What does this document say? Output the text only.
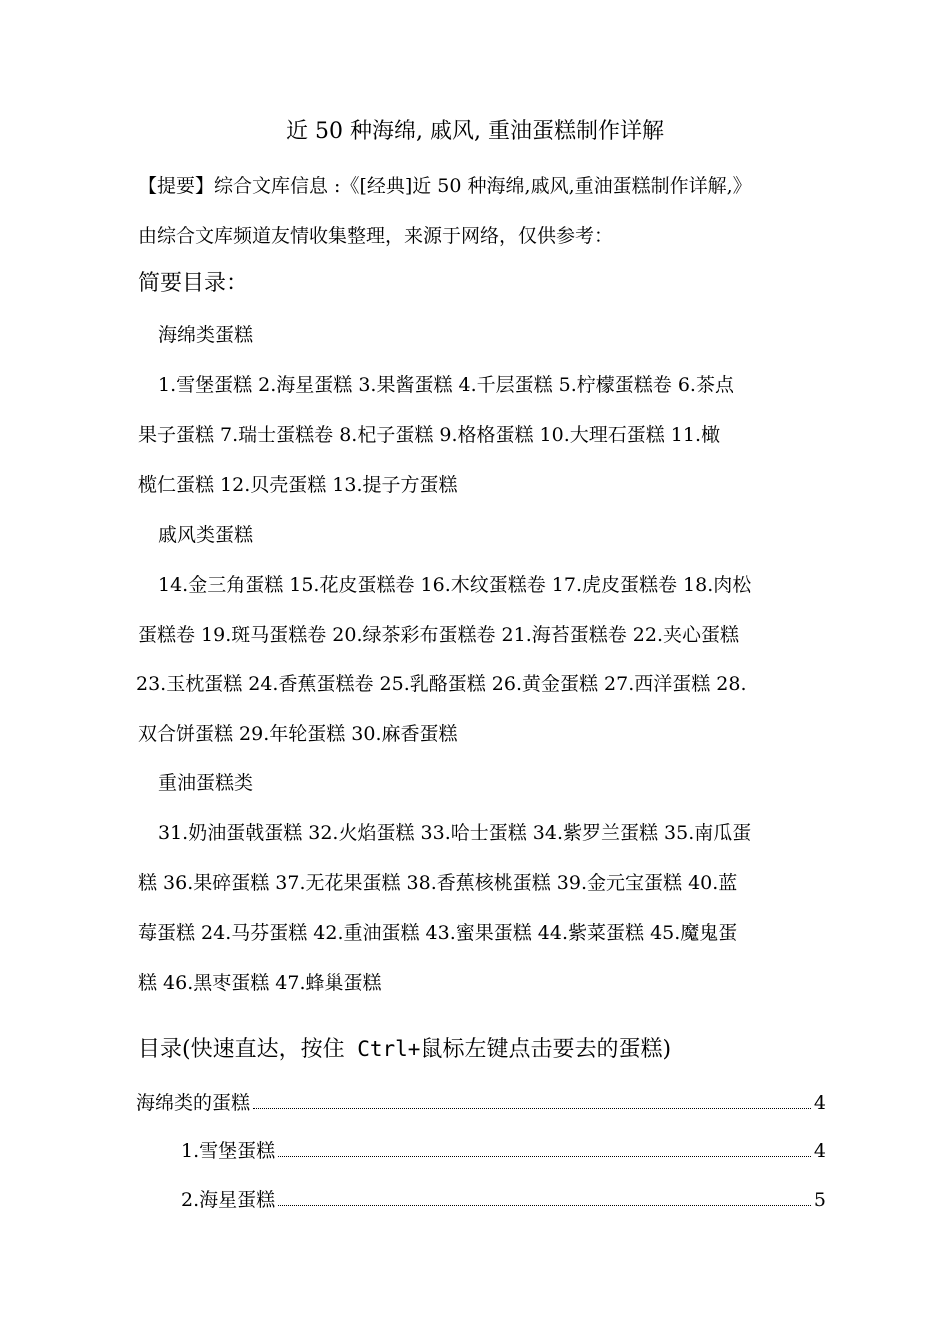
近 50 种海绵, 戚风, 重油蛋糕制作详解
【提要】综合文库信息 :《[经典]近 50 种海绵,戚风,重油蛋糕制作详解,》
由综合文库频道友情收集整理，来源于网络，仅供参考：
简要目录：
海绵类蛋糕
1.雪堡蛋糕 2.海星蛋糕 3.果酱蛋糕 4.千层蛋糕 5.柠檬蛋糕卷 6.茶点
果子蛋糕 7.瑞士蛋糕卷 8.杞子蛋糕 9.格格蛋糕 10.大理石蛋糕 11.橄
榄仁蛋糕 12.贝壳蛋糕 13.提子方蛋糕
戚风类蛋糕
14.金三角蛋糕 15.花皮蛋糕卷 16.木纹蛋糕卷 17.虎皮蛋糕卷 18.肉松
蛋糕卷 19.斑马蛋糕卷 20.绿茶彩布蛋糕卷 21.海苔蛋糕卷 22.夹心蛋糕
23.玉枕蛋糕 24.香蕉蛋糕卷 25.乳酪蛋糕 26.黄金蛋糕 27.西洋蛋糕 28.
双合饼蛋糕 29.年轮蛋糕 30.麻香蛋糕
重油蛋糕类
31.奶油蛋戟蛋糕 32.火焰蛋糕 33.哈士蛋糕 34.紫罗兰蛋糕 35.南瓜蛋
糕 36.果碎蛋糕 37.无花果蛋糕 38.香蕉核桃蛋糕 39.金元宝蛋糕 40.蓝
莓蛋糕 24.马芬蛋糕 42.重油蛋糕 43.蜜果蛋糕 44.紫菜蛋糕 45.魔鬼蛋
糕 46.黑枣蛋糕 47.蜂巢蛋糕
目录(快速直达，按住 Ctrl+鼠标左键点击要去的蛋糕)
海绵类的蛋糕	4
1.雪堡蛋糕	4
2.海星蛋糕	5
